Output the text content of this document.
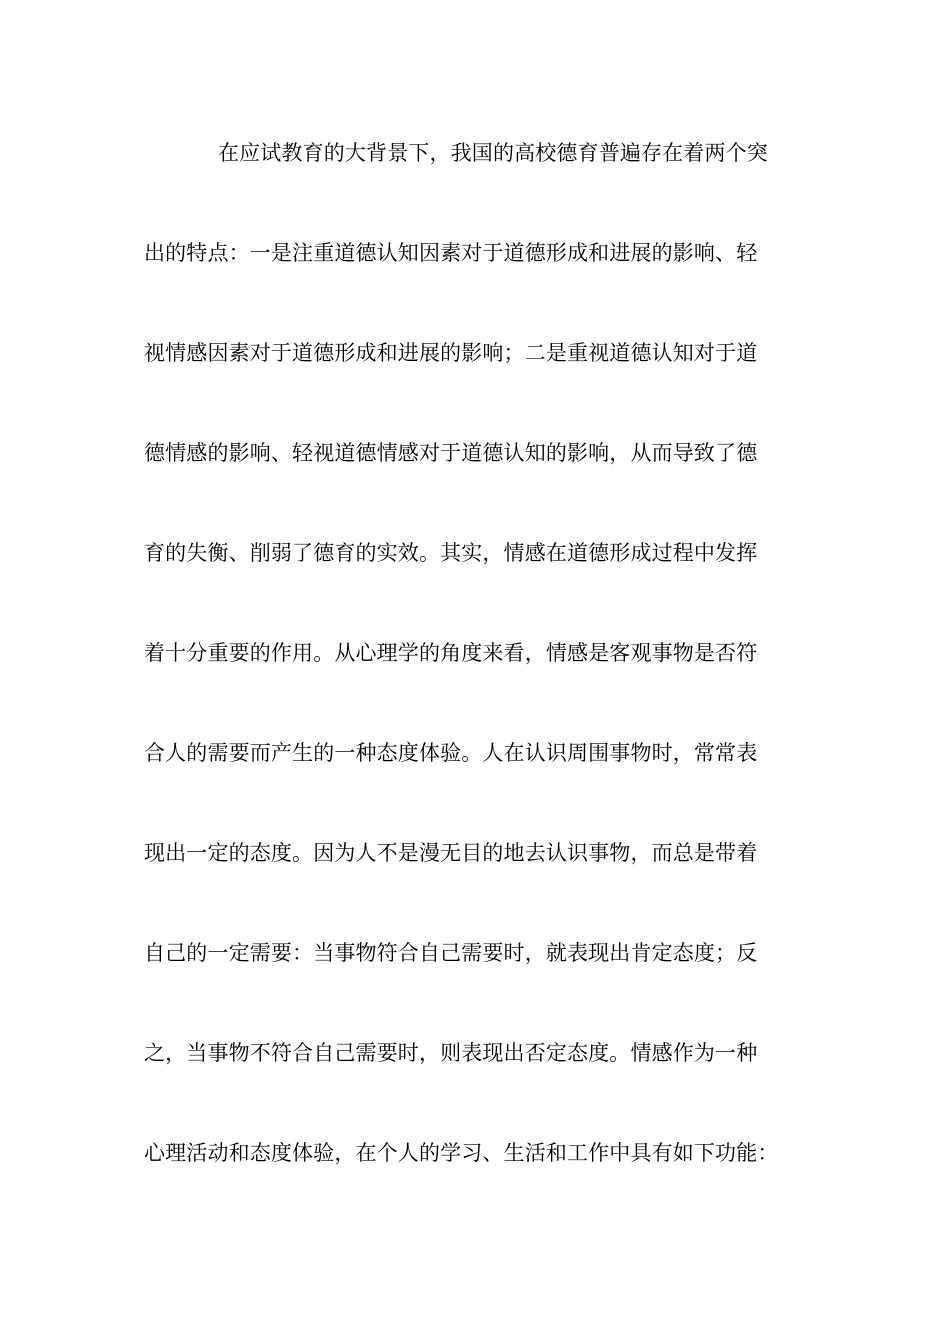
在应试教育的大背景下，我国的高校德育普遍存在着两个突
出的特点：一是注重道德认知因素对于道德形成和进展的影响、轻
视情感因素对于道德形成和进展的影响；二是重视道德认知对于道
德情感的影响、轻视道德情感对于道德认知的影响，从而导致了德
育的失衡、削弱了德育的实效。其实，情感在道德形成过程中发挥
着十分重要的作用。从心理学的角度来看，情感是客观事物是否符
合人的需要而产生的一种态度体验。人在认识周围事物时，常常表
现出一定的态度。因为人不是漫无目的地去认识事物，而总是带着
自己的一定需要：当事物符合自己需要时，就表现出肯定态度；反
之，当事物不符合自己需要时，则表现出否定态度。情感作为一种
心理活动和态度体验，在个人的学习、生活和工作中具有如下功能：
